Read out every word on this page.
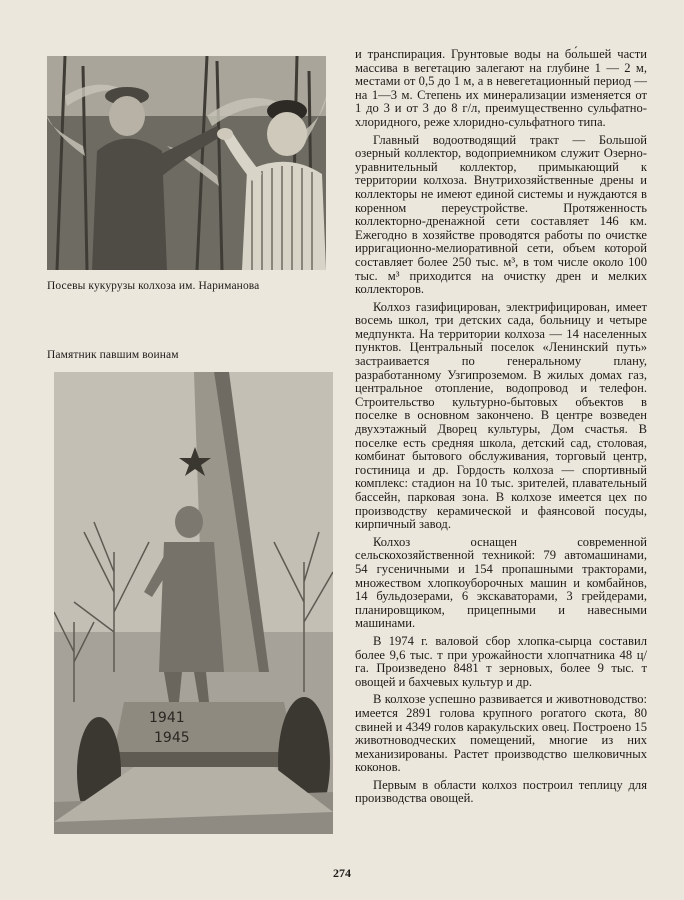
Посевы кукурузы колхоза им. Нариманова
Памятник павшим воинам
1941
1945

и транспирация. Грунтовые воды на бо́льшей части массива в вегетацию залегают на глубине 1 — 2 м, местами от 0,5 до 1 м, а в невегетационный период — на 1—3 м. Степень их минерализации изменяется от 1 до 3 и от 3 до 8 г/л, преимущественно сульфатно-хлоридного, реже хлоридно-сульфатного типа.

Главный водоотводящий тракт — Большой озерный коллектор, водоприемником служит Озерно-уравнительный коллектор, примыкающий к территории колхоза. Внутрихозяйственные дрены и коллекторы не имеют единой системы и нуждаются в коренном переустройстве. Протяженность коллекторно-дренажной сети составляет 146 км. Ежегодно в хозяйстве проводятся работы по очистке ирригационно-мелиоративной сети, объем которой составляет более 250 тыс. м³, в том числе около 100 тыс. м³ приходится на очистку дрен и мелких коллекторов.

Колхоз газифицирован, электрифицирован, имеет восемь школ, три детских сада, больницу и четыре медпункта. На территории колхоза — 14 населенных пунктов. Центральный поселок «Ленинский путь» застраивается по генеральному плану, разработанному Узгипроземом. В жилых домах газ, центральное отопление, водопровод и телефон. Строительство культурно-бытовых объектов в поселке в основном закончено. В центре возведен двухэтажный Дворец культуры, Дом счастья. В поселке есть средняя школа, детский сад, столовая, комбинат бытового обслуживания, торговый центр, гостиница и др. Гордость колхоза — спортивный комплекс: стадион на 10 тыс. зрителей, плавательный бассейн, парковая зона. В колхозе имеется цех по производству керамической и фаянсовой посуды, кирпичный завод.

Колхоз оснащен современной сельскохозяйственной техникой: 79 автомашинами, 54 гусеничными и 154 пропашными тракторами, множеством хлопкоуборочных машин и комбайнов, 14 бульдозерами, 6 экскаваторами, 3 грейдерами, планировщиком, прицепными и навесными машинами.

В 1974 г. валовой сбор хлопка-сырца составил более 9,6 тыс. т при урожайности хлопчатника 48 ц/га. Произведено 8481 т зерновых, более 9 тыс. т овощей и бахчевых культур и др.

В колхозе успешно развивается и животноводство: имеется 2891 голова крупного рогатого скота, 80 свиней и 4349 голов каракульских овец. Построено 15 животноводческих помещений, многие из них механизированы. Растет производство шелковичных коконов.

Первым в области колхоз построил теплицу для производства овощей.

274
